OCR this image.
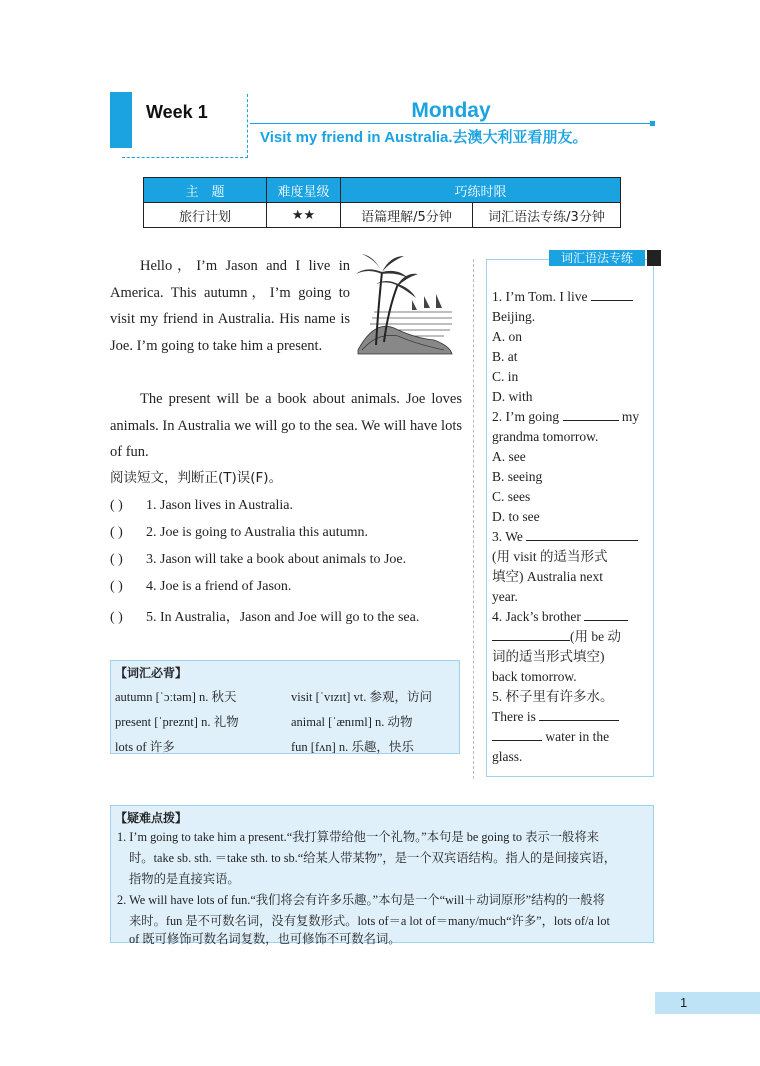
Week 1	Monday
Visit my friend in Australia.去澳大利亚看朋友。
主　题	难度星级	巧练时限	
旅行计划	★★	语篇理解/5分钟	词汇语法专练/3分钟
Hello，I’m Jason and I live in America. This autumn，I’m going to visit my friend in Australia. His name is Joe. I’m going to take him a present.
The present will be a book about animals. Joe loves animals. In Australia we will go to the sea. We will have lots of fun.
阅读短文，判断正(T)误(F)。
( ) 1. Jason lives in Australia.
( ) 2. Joe is going to Australia this autumn.
( ) 3. Jason will take a book about animals to Joe.
( ) 4. Joe is a friend of Jason.
( ) 5. In Australia，Jason and Joe will go to the sea.
【词汇必背】
autumn [ˈɔːtəm] n. 秋天	visit [ˈvɪzɪt] vt. 参观，访问
present [ˈpreznt] n. 礼物	animal [ˈænɪml] n. 动物
lots of 许多	fun [fʌn] n. 乐趣，快乐
词汇语法专练
1. I’m Tom. I live
Beijing.
A. on
B. at
C. in
D. with
2. I’m going	my
grandma tomorrow.
A. see
B. seeing
C. sees
D. to see
3. We
(用 visit 的适当形式
填空) Australia next
year.
4. Jack’s brother
(用 be 动
词的适当形式填空)
back tomorrow.
5. 杯子里有许多水。
There is
water in the
glass.
【疑难点拨】
1. I’m going to take him a present.“我打算带给他一个礼物。”本句是 be going to 表示一般将来
时。take sb. sth. ＝take sth. to sb.“给某人带某物”，是一个双宾语结构。指人的是间接宾语，
指物的是直接宾语。
2. We will have lots of fun.“我们将会有许多乐趣。”本句是一个“will＋动词原形”结构的一般将
来时。fun 是不可数名词，没有复数形式。lots of＝a lot of＝many/much“许多”，lots of/a lot
of 既可修饰可数名词复数，也可修饰不可数名词。
1
